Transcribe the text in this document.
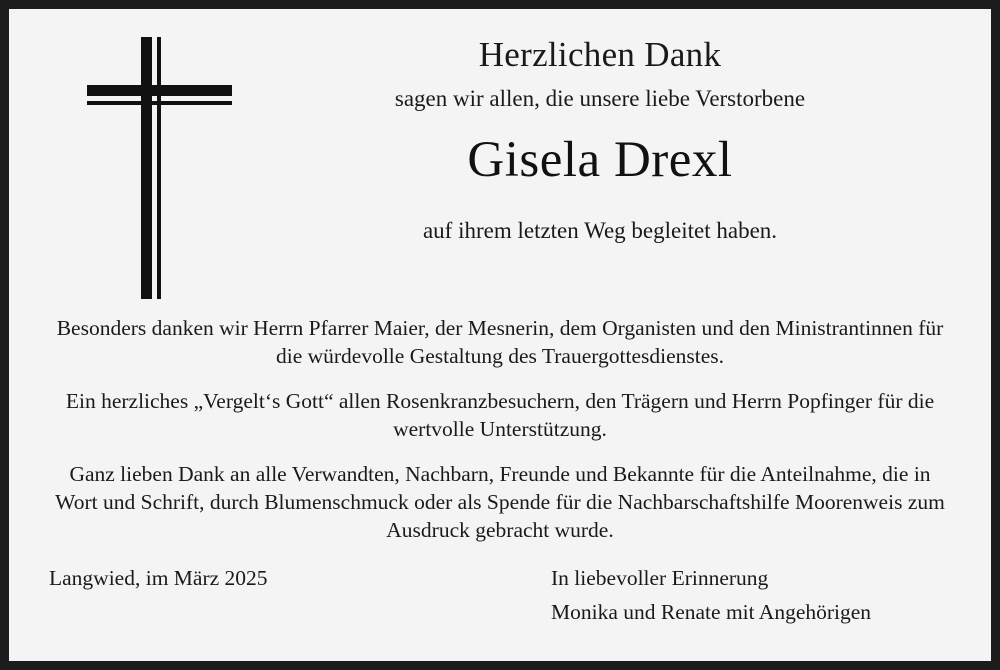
Herzlichen Dank
sagen wir allen, die unsere liebe Verstorbene
Gisela Drexl
auf ihrem letzten Weg begleitet haben.

Besonders danken wir Herrn Pfarrer Maier, der Mesnerin, dem Organisten und den Ministrantinnen für die würdevolle Gestaltung des Trauergottesdienstes.

Ein herzliches „Vergelt‘s Gott“ allen Rosenkranzbesuchern, den Trägern und Herrn Popfinger für die wertvolle Unterstützung.

Ganz lieben Dank an alle Verwandten, Nachbarn, Freunde und Bekannte für die Anteilnahme, die in Wort und Schrift, durch Blumenschmuck oder als Spende für die Nachbarschaftshilfe Moorenweis zum Ausdruck gebracht wurde.

Langwied, im März 2025	In liebevoller Erinnerung
Monika und Renate mit Angehörigen
